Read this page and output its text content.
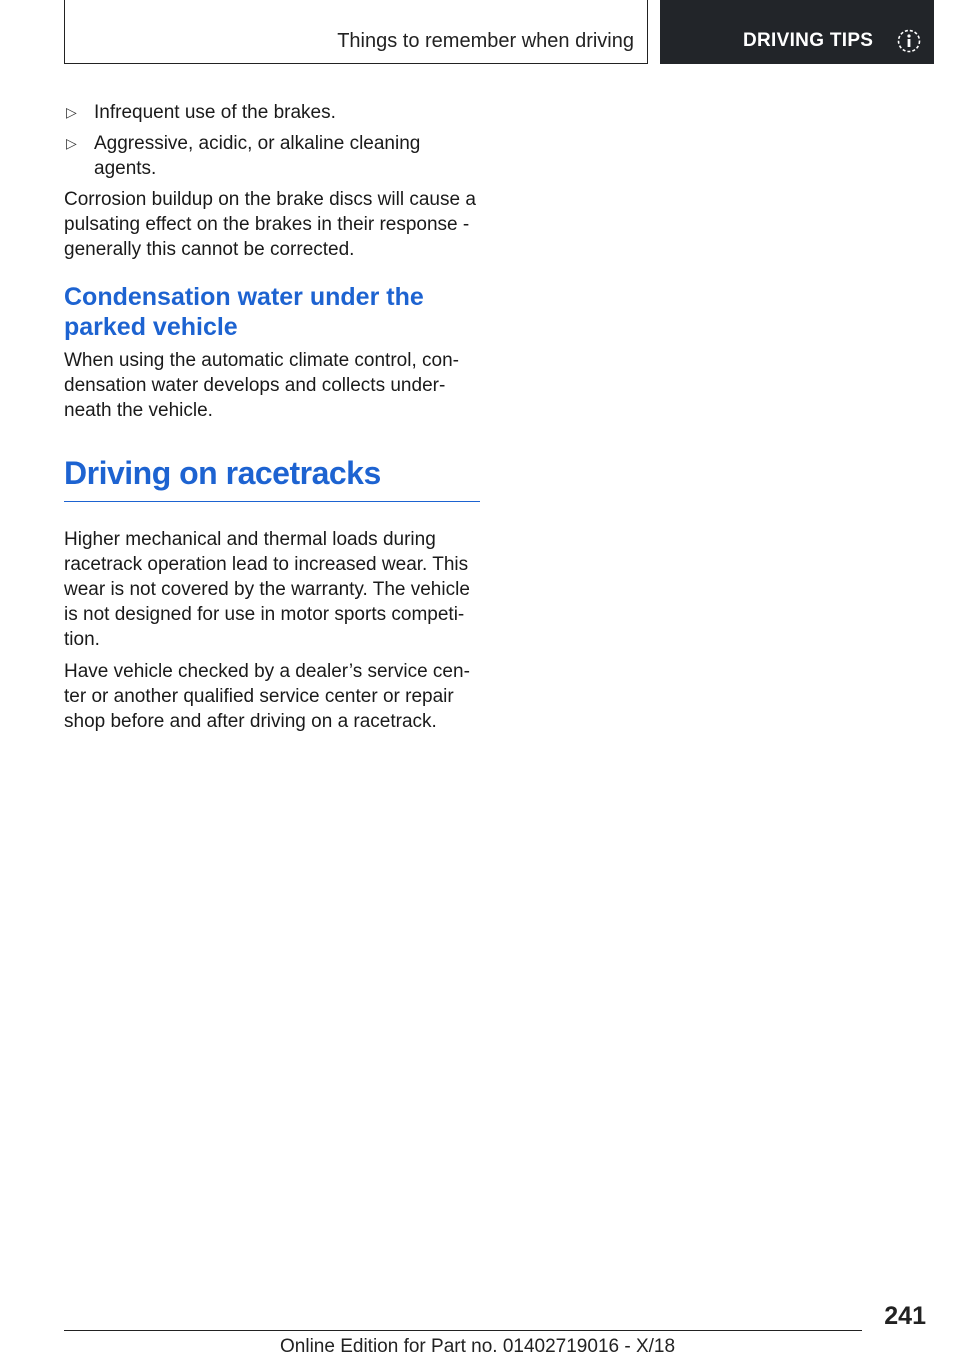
Things to remember when driving	DRIVING TIPS
▷ Infrequent use of the brakes.
▷ Aggressive, acidic, or alkaline cleaning agents.

Corrosion buildup on the brake discs will cause a pulsating effect on the brakes in their response - generally this cannot be corrected.

Condensation water under the parked vehicle

When using the automatic climate control, condensation water develops and collects underneath the vehicle.

Driving on racetracks

Higher mechanical and thermal loads during racetrack operation lead to increased wear. This wear is not covered by the warranty. The vehicle is not designed for use in motor sports competition.

Have vehicle checked by a dealer’s service center or another qualified service center or repair shop before and after driving on a racetrack.

241
Online Edition for Part no. 01402719016 - X/18
